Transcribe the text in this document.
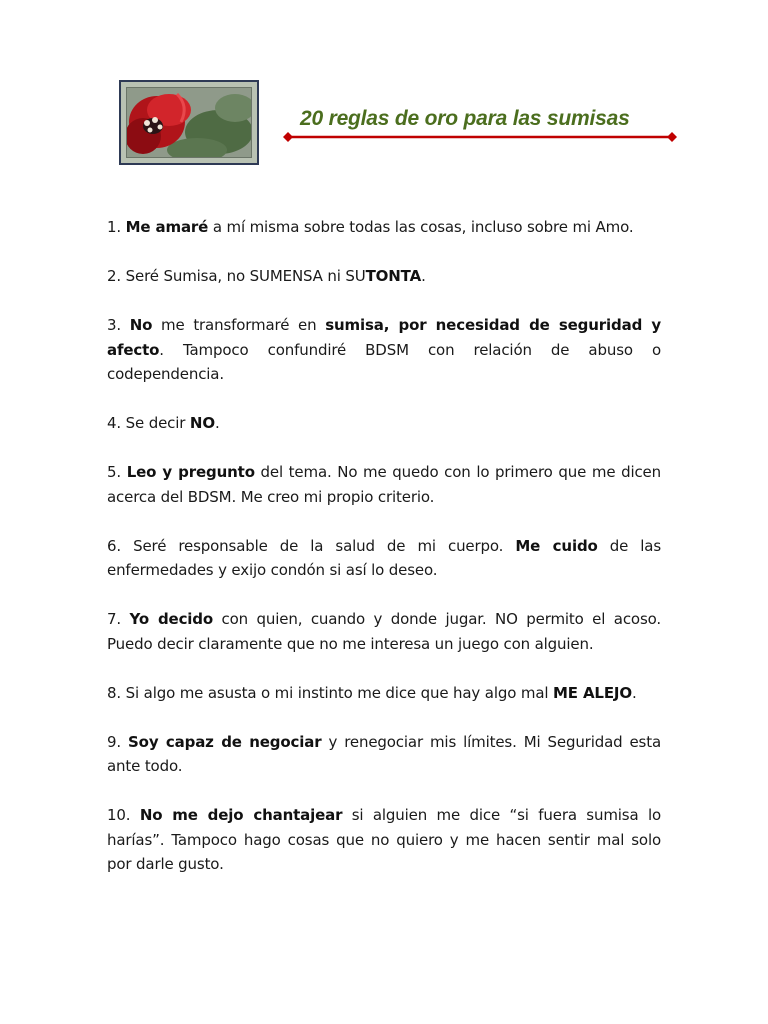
20 reglas de oro para las sumisas

1. Me amaré a mí misma sobre todas las cosas, incluso sobre mi Amo.

2. Seré Sumisa, no SUMENSA ni SUTONTA.

3. No me transformaré en sumisa, por necesidad de seguridad y afecto. Tampoco confundiré BDSM con relación de abuso o codependencia.

4. Se decir NO.

5. Leo y pregunto del tema. No me quedo con lo primero que me dicen acerca del BDSM. Me creo mi propio criterio.

6. Seré responsable de la salud de mi cuerpo. Me cuido de las enfermedades y exijo condón si así lo deseo.

7. Yo decido con quien, cuando y donde jugar. NO permito el acoso. Puedo decir claramente que no me interesa un juego con alguien.

8. Si algo me asusta o mi instinto me dice que hay algo mal ME ALEJO.

9. Soy capaz de negociar y renegociar mis límites. Mi Seguridad esta ante todo.

10. No me dejo chantajear si alguien me dice “si fuera sumisa lo harías”. Tampoco hago cosas que no quiero y me hacen sentir mal solo por darle gusto.
